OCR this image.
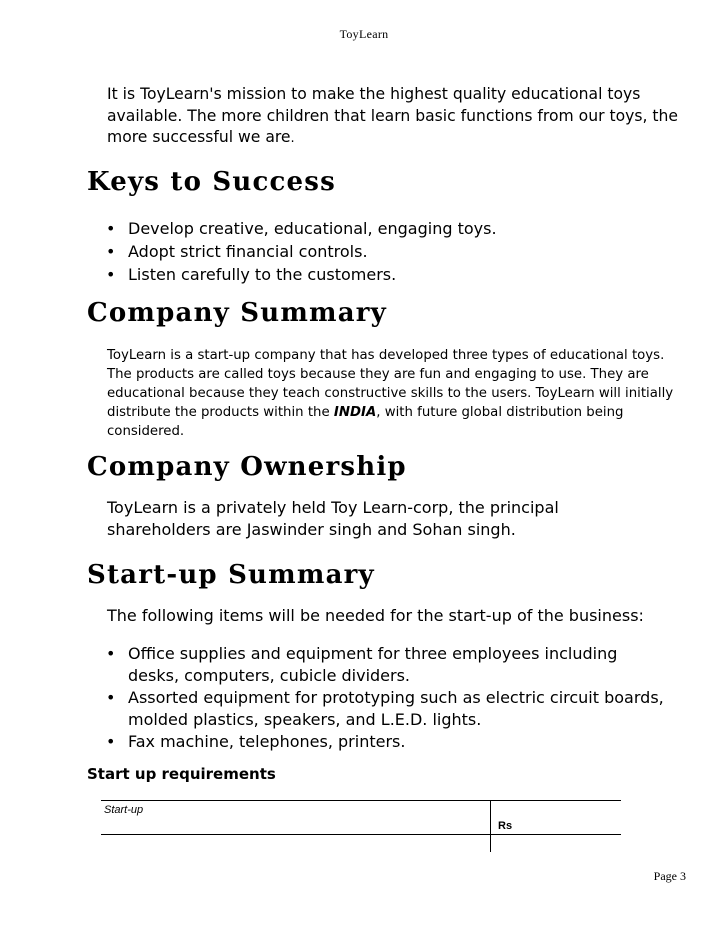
ToyLearn

It is ToyLearn's mission to make the highest quality educational toys available. The more children that learn basic functions from our toys, the more successful we are.

Keys to Success
• Develop creative, educational, engaging toys.
• Adopt strict financial controls.
• Listen carefully to the customers.
Company Summary

ToyLearn is a start-up company that has developed three types of educational toys. The products are called toys because they are fun and engaging to use. They are educational because they teach constructive skills to the users. ToyLearn will initially distribute the products within the INDIA, with future global distribution being considered.

Company Ownership

ToyLearn is a privately held Toy Learn-corp, the principal shareholders are Jaswinder singh and Sohan singh.

Start-up Summary

The following items will be needed for the start-up of the business:

• Office supplies and equipment for three employees including desks, computers, cubicle dividers.
• Assorted equipment for prototyping such as electric circuit boards, molded plastics, speakers, and L.E.D. lights.
• Fax machine, telephones, printers.
Start up requirements
Start-up
Rs
Page 3
